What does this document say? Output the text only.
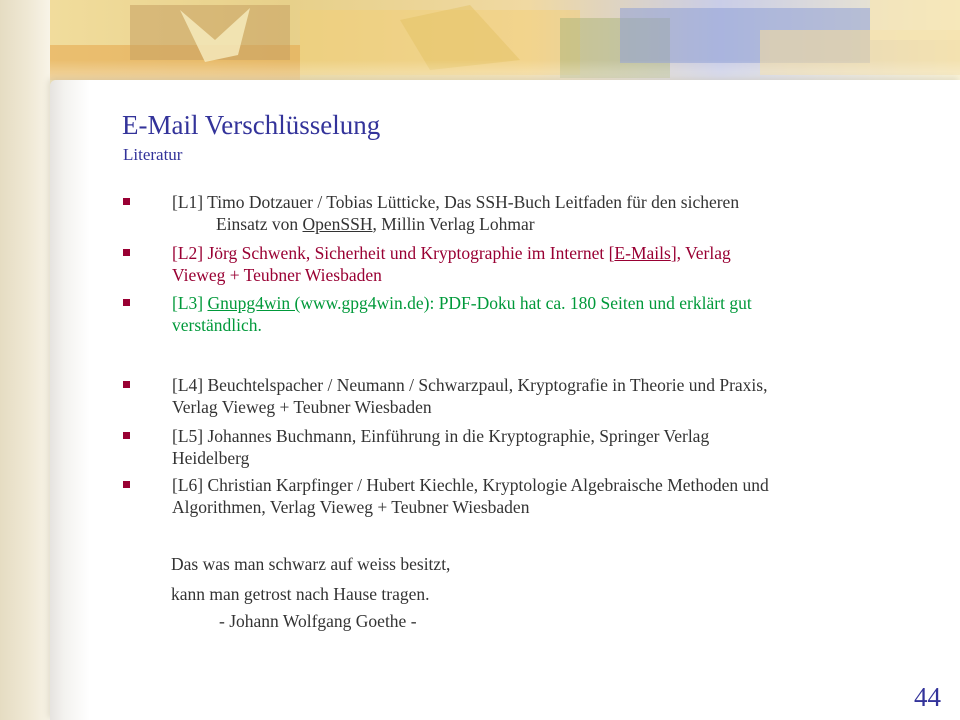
E-Mail Verschlüsselung
Literatur
[L1] Timo Dotzauer / Tobias Lütticke, Das SSH-Buch Leitfaden für den sicheren
Einsatz von OpenSSH, Millin Verlag Lohmar
[L2] Jörg Schwenk, Sicherheit und Kryptographie im Internet [E-Mails], Verlag
Vieweg + Teubner Wiesbaden
[L3] Gnupg4win (www.gpg4win.de): PDF-Doku hat ca. 180 Seiten und erklärt gut
verständlich.
[L4] Beuchtelspacher / Neumann / Schwarzpaul, Kryptografie in Theorie und Praxis,
Verlag Vieweg + Teubner Wiesbaden
[L5] Johannes Buchmann, Einführung in die Kryptographie, Springer Verlag
Heidelberg
[L6] Christian Karpfinger / Hubert Kiechle, Kryptologie Algebraische Methoden und
Algorithmen, Verlag Vieweg + Teubner Wiesbaden
Das was man schwarz auf weiss besitzt,
kann man getrost nach Hause tragen.
- Johann Wolfgang Goethe -
44
